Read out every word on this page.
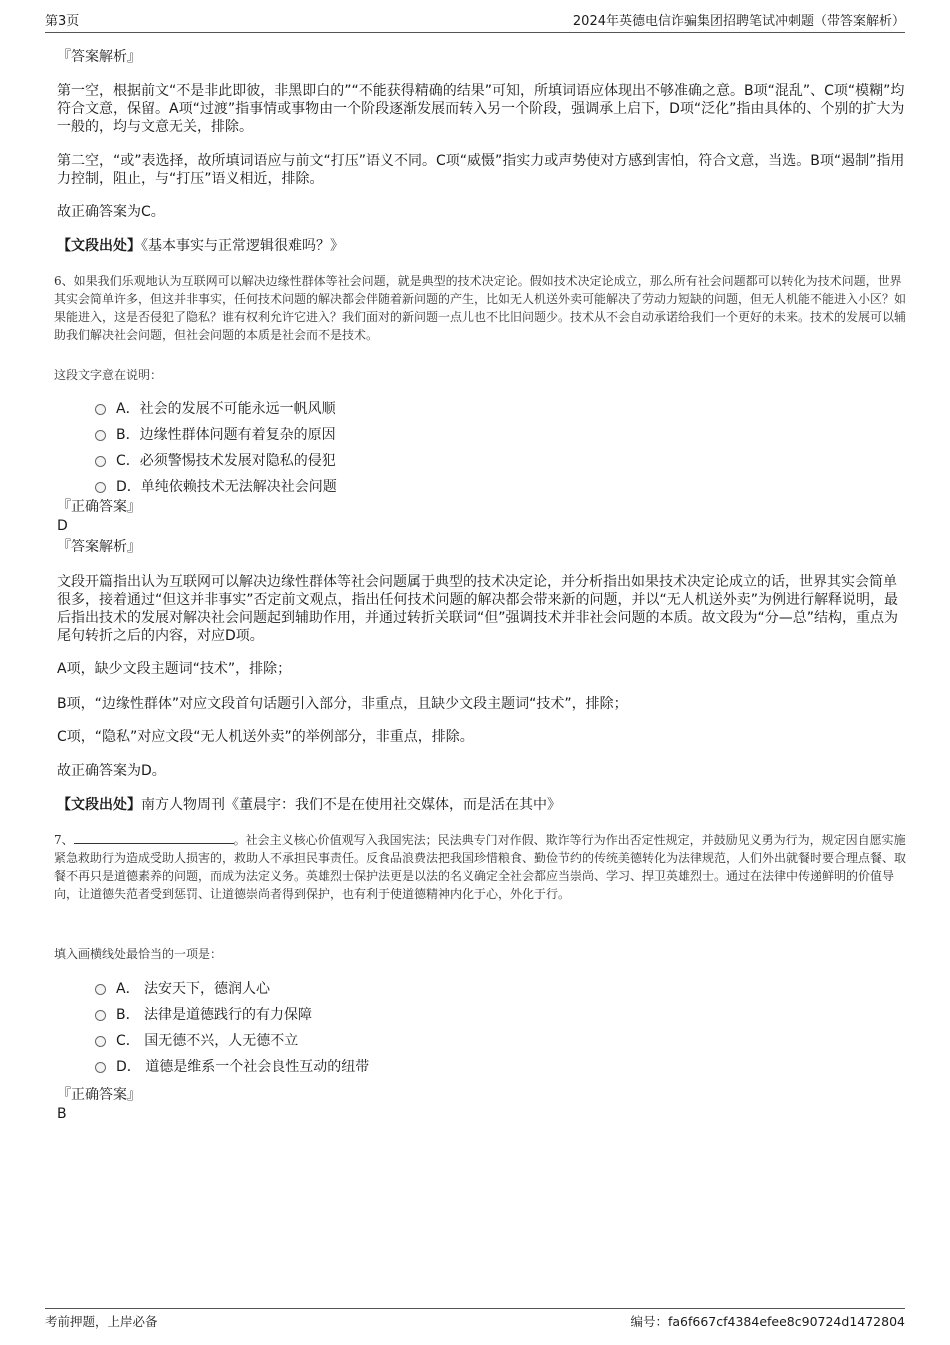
第3页	2024年英德电信诈骗集团招聘笔试冲刺题（带答案解析）
『答案解析』
第一空，根据前文“不是非此即彼，非黑即白的”“不能获得精确的结果”可知，所填词语应体现出不够准确之意。B项“混乱”、C项“模糊”均符合文意，保留。A项“过渡”指事情或事物由一个阶段逐渐发展而转入另一个阶段，强调承上启下，D项“泛化”指由具体的、个别的扩大为一般的，均与文意无关，排除。
第二空，“或”表选择，故所填词语应与前文“打压”语义不同。C项“威慑”指实力或声势使对方感到害怕，符合文意，当选。B项“遏制”指用力控制，阻止，与“打压”语义相近，排除。
故正确答案为C。
【文段出处】《基本事实与正常逻辑很难吗？》
6、如果我们乐观地认为互联网可以解决边缘性群体等社会问题，就是典型的技术决定论。假如技术决定论成立，那么所有社会问题都可以转化为技术问题，世界其实会简单许多，但这并非事实，任何技术问题的解决都会伴随着新问题的产生，比如无人机送外卖可能解决了劳动力短缺的问题，但无人机能不能进入小区？如果能进入，这是否侵犯了隐私？谁有权利允许它进入？我们面对的新问题一点儿也不比旧问题少。技术从不会自动承诺给我们一个更好的未来。技术的发展可以辅助我们解决社会问题，但社会问题的本质是社会而不是技术。
这段文字意在说明：
A．社会的发展不可能永远一帆风顺
B．边缘性群体问题有着复杂的原因
C．必须警惕技术发展对隐私的侵犯
D．单纯依赖技术无法解决社会问题
『正确答案』
D
『答案解析』
文段开篇指出认为互联网可以解决边缘性群体等社会问题属于典型的技术决定论，并分析指出如果技术决定论成立的话，世界其实会简单很多，接着通过“但这并非事实”否定前文观点，指出任何技术问题的解决都会带来新的问题，并以“无人机送外卖”为例进行解释说明，最后指出技术的发展对解决社会问题起到辅助作用，并通过转折关联词“但”强调技术并非社会问题的本质。故文段为“分—总”结构，重点为尾句转折之后的内容，对应D项。
A项，缺少文段主题词“技术”，排除；
B项，“边缘性群体”对应文段首句话题引入部分，非重点，且缺少文段主题词“技术”，排除；
C项，“隐私”对应文段“无人机送外卖”的举例部分，非重点，排除。
故正确答案为D。
【文段出处】南方人物周刊《董晨宇：我们不是在使用社交媒体，而是活在其中》
7、	。社会主义核心价值观写入我国宪法；民法典专门对作假、欺诈等行为作出否定性规定，并鼓励见义勇为行为，规定因自愿实施紧急救助行为造成受助人损害的，救助人不承担民事责任。反食品浪费法把我国珍惜粮食、勤俭节约的传统美德转化为法律规范，人们外出就餐时要合理点餐、取餐不再只是道德素养的问题，而成为法定义务。英雄烈士保护法更是以法的名义确定全社会都应当崇尚、学习、捍卫英雄烈士。通过在法律中传递鲜明的价值导向，让道德失范者受到惩罚、让道德崇尚者得到保护，也有利于使道德精神内化于心，外化于行。
填入画横线处最恰当的一项是：
A． 法安天下，德润人心
B． 法律是道德践行的有力保障
C． 国无德不兴，人无德不立
D． 道德是维系一个社会良性互动的纽带
『正确答案』
B
考前押题，上岸必备	编号：fa6f667cf4384efee8c90724d1472804
